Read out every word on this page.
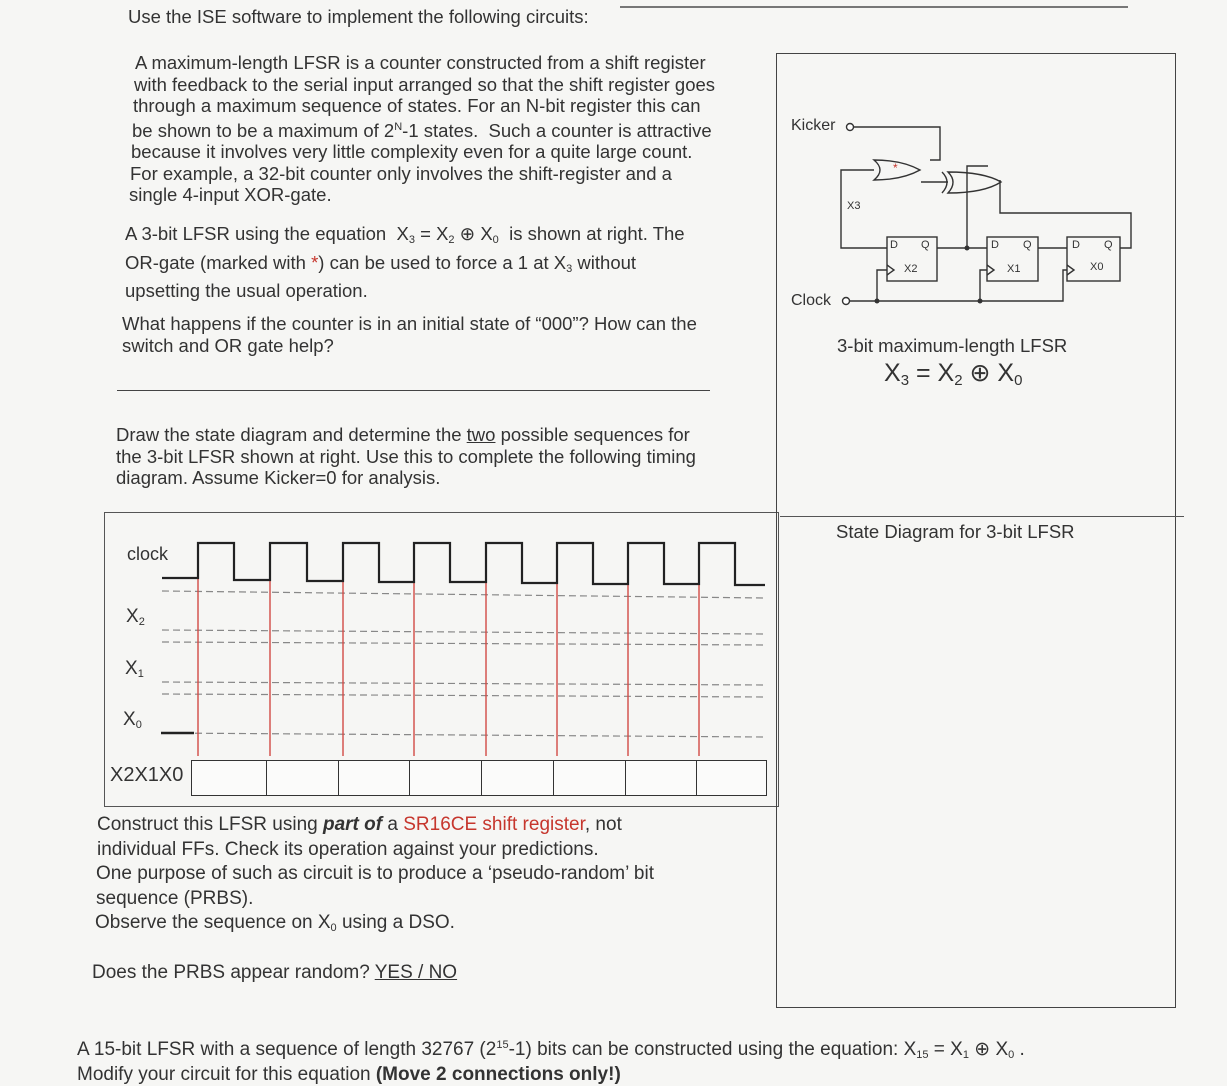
Use the ISE software to implement the following circuits:

A maximum-length LFSR is a counter constructed from a shift register

with feedback to the serial input arranged so that the shift register goes

through a maximum sequence of states. For an N-bit register this can

be shown to be a maximum of $2^N-1$ states. Such a counter is attractive

because it involves very little complexity even for a quite large count.

For example, a 32-bit counter only involves the shift-register and a

single 4-input XOR-gate.

A 3-bit LFSR using the equation $X_3 = X_2$ ⊕ $X_0$ is shown at right. The

OR-gate (marked with *) can be used to force a 1 at $X_3$ without

upsetting the usual operation.

What happens if the counter is in an initial state of “000”? How can the

switch and OR gate help?

Draw the state diagram and determine the two possible sequences for

the 3-bit LFSR shown at right. Use this to complete the following timing

diagram. Assume Kicker=0 for analysis.

clock
$X_2$
$X_1$
$X_0$
X2X1X0

Construct this LFSR using part of a SR16CE shift register, not

individual FFs. Check its operation against your predictions.

One purpose of such as circuit is to produce a ‘pseudo-random’ bit

sequence (PRBS).

Observe the sequence on $X_0$ using a DSO.

Does the PRBS appear random? YES / NO
Kicker
Clock
*
X3
D Q
X2
D Q
X1
D Q
X0
3-bit maximum-length LFSR
X3 = X2 ⊕ X0
State Diagram for 3-bit LFSR
A 15-bit LFSR with a sequence of length 32767 $(2^{15}-1)$ bits can be constructed using the equation: $X_{15} = X_1$ ⊕ $X_0$ .
Modify your circuit for this equation (Move 2 connections only!)
